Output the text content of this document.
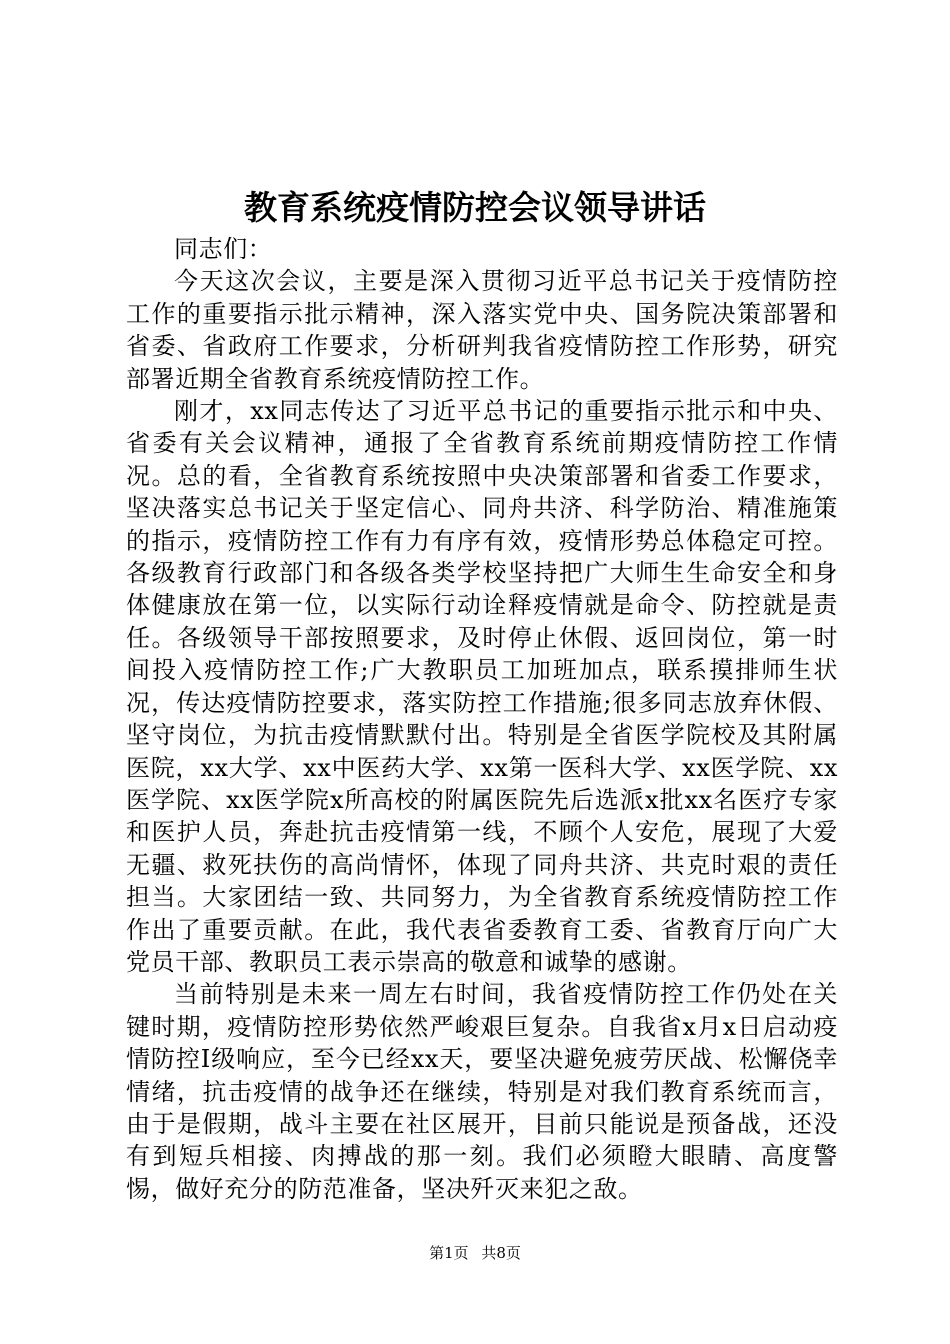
教育系统疫情防控会议领导讲话

同志们：

今天这次会议，主要是深入贯彻习近平总书记关于疫情防控工作的重要指示批示精神，深入落实党中央、国务院决策部署和省委、省政府工作要求，分析研判我省疫情防控工作形势，研究部署近期全省教育系统疫情防控工作。

刚才，xx同志传达了习近平总书记的重要指示批示和中央、省委有关会议精神，通报了全省教育系统前期疫情防控工作情况。总的看，全省教育系统按照中央决策部署和省委工作要求，坚决落实总书记关于坚定信心、同舟共济、科学防治、精准施策的指示，疫情防控工作有力有序有效，疫情形势总体稳定可控。各级教育行政部门和各级各类学校坚持把广大师生生命安全和身体健康放在第一位，以实际行动诠释疫情就是命令、防控就是责任。各级领导干部按照要求，及时停止休假、返回岗位，第一时间投入疫情防控工作;广大教职员工加班加点，联系摸排师生状况，传达疫情防控要求，落实防控工作措施;很多同志放弃休假、坚守岗位，为抗击疫情默默付出。特别是全省医学院校及其附属医院，xx大学、xx中医药大学、xx第一医科大学、xx医学院、xx医学院、xx医学院x所高校的附属医院先后选派x批xx名医疗专家和医护人员，奔赴抗击疫情第一线，不顾个人安危，展现了大爱无疆、救死扶伤的高尚情怀，体现了同舟共济、共克时艰的责任担当。大家团结一致、共同努力，为全省教育系统疫情防控工作作出了重要贡献。在此，我代表省委教育工委、省教育厅向广大党员干部、教职员工表示崇高的敬意和诚挚的感谢。

当前特别是未来一周左右时间，我省疫情防控工作仍处在关键时期，疫情防控形势依然严峻艰巨复杂。自我省x月x日启动疫情防控Ⅰ级响应，至今已经xx天，要坚决避免疲劳厌战、松懈侥幸情绪，抗击疫情的战争还在继续，特别是对我们教育系统而言，由于是假期，战斗主要在社区展开，目前只能说是预备战，还没有到短兵相接、肉搏战的那一刻。我们必须瞪大眼睛、高度警惕，做好充分的防范准备，坚决歼灭来犯之敌。

第1页 共8页
